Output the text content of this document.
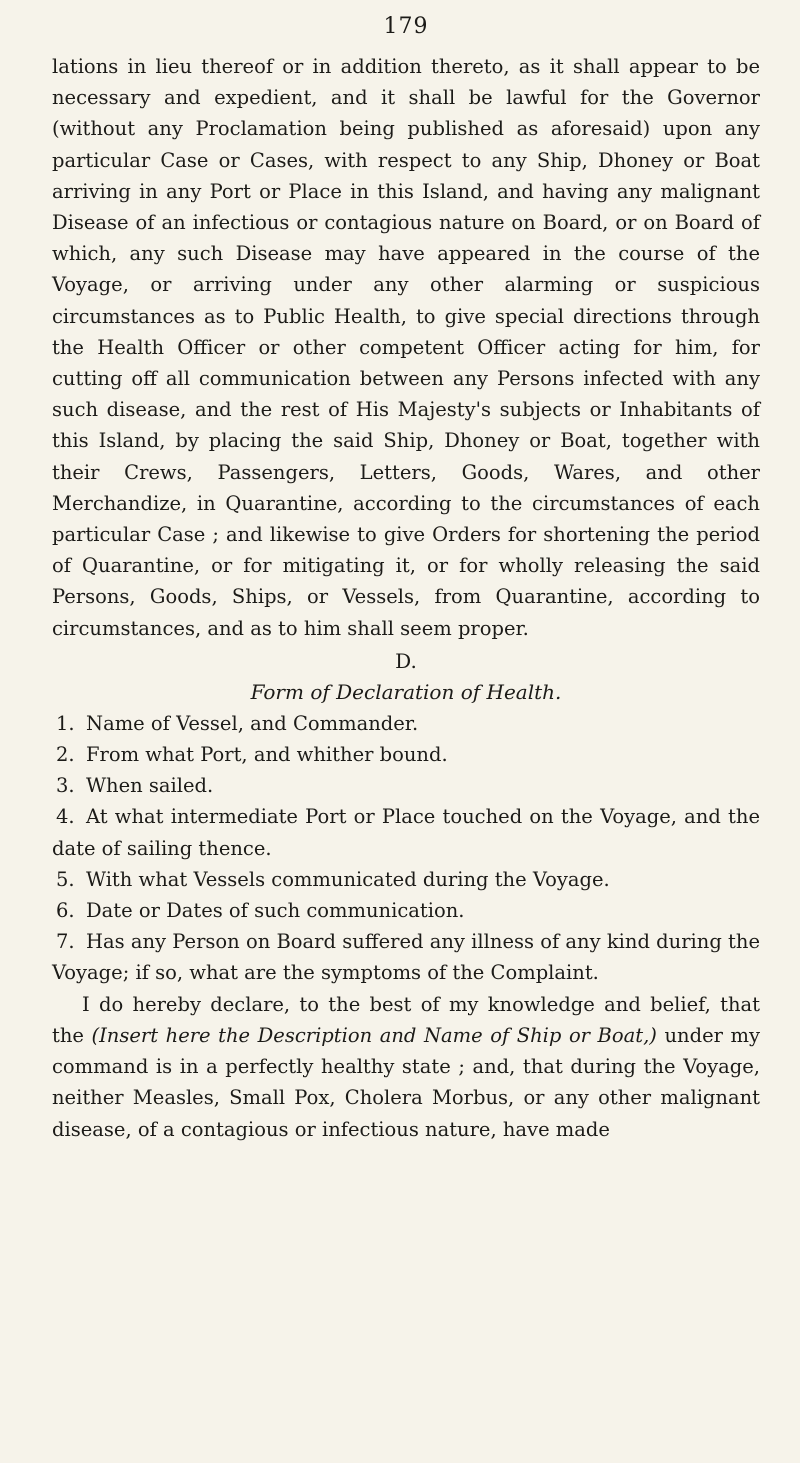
179

lations in lieu thereof or in addition thereto, as it shall appear to be necessary and expedient, and it shall be lawful for the Governor (without any Proclamation being published as aforesaid) upon any particular Case or Cases, with respect to any Ship, Dhoney or Boat arriving in any Port or Place in this Island, and having any malignant Disease of an infectious or contagious nature on Board, or on Board of which, any such Disease may have appeared in the course of the Voyage, or arriving under any other alarming or suspicious circumstances as to Public Health, to give special directions through the Health Officer or other competent Officer acting for him, for cutting off all communication between any Persons infected with any such disease, and the rest of His Majesty's subjects or Inhabitants of this Island, by placing the said Ship, Dhoney or Boat, together with their Crews, Passengers, Letters, Goods, Wares, and other Merchandize, in Quarantine, according to the circumstances of each particular Case ; and likewise to give Orders for shortening the period of Quarantine, or for mitigating it, or for wholly releasing the said Persons, Goods, Ships, or Vessels, from Quarantine, according to circumstances, and as to him shall seem proper.

D.
Form of Declaration of Health.

1. Name of Vessel, and Commander.

2. From what Port, and whither bound.

3. When sailed.

4. At what intermediate Port or Place touched on the Voyage, and the date of sailing thence.

5. With what Vessels communicated during the Voyage.

6. Date or Dates of such communication.

7. Has any Person on Board suffered any illness of any kind during the Voyage; if so, what are the symptoms of the Complaint.

I do hereby declare, to the best of my knowledge and belief, that the (Insert here the Description and Name of Ship or Boat,) under my command is in a perfectly healthy state ; and, that during the Voyage, neither Measles, Small Pox, Cholera Morbus, or any other malignant disease, of a contagious or infectious nature, have made
